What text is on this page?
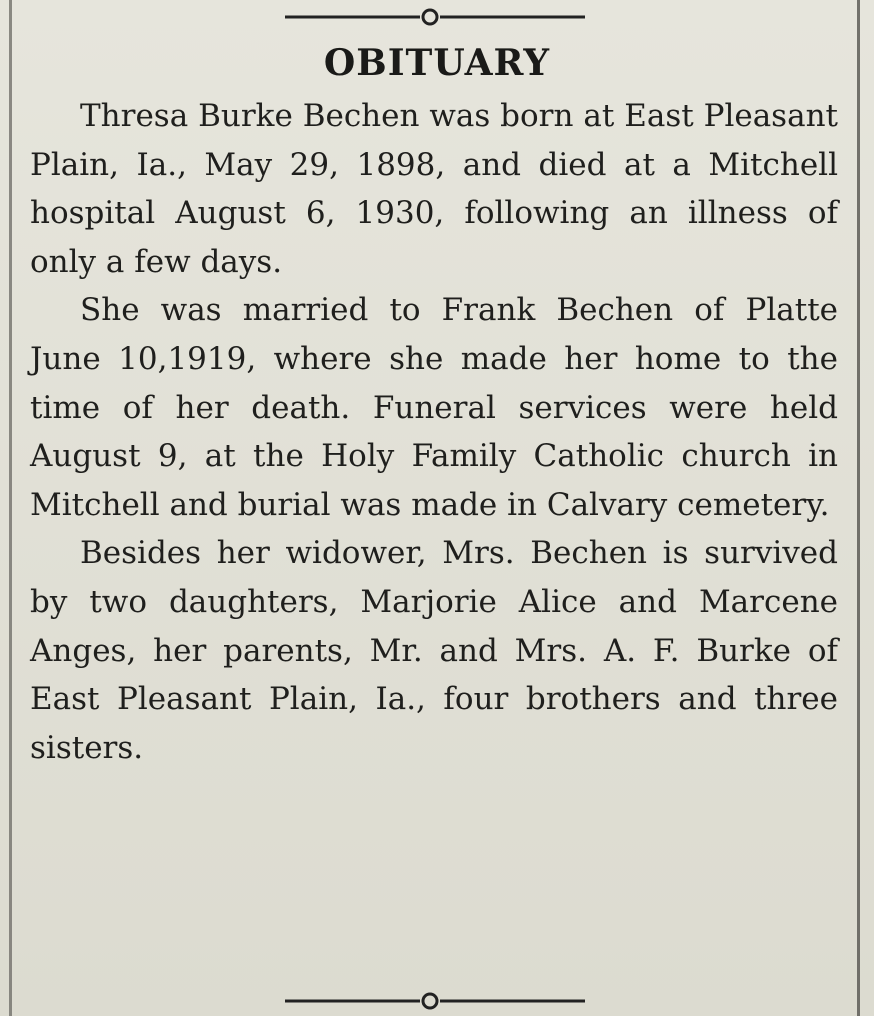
OBITUARY

Thresa Burke Bechen was born at East Pleasant Plain, Ia., May 29, 1898, and died at a Mitchell hospital August 6, 1930, following an illness of only a few days.

She was married to Frank Bechen of Platte June 10,1919, where she made her home to the time of her death. Funeral services were held August 9, at the Holy Family Catholic church in Mitchell and burial was made in Calvary cemetery.

Besides her widower, Mrs. Bechen is survived by two daughters, Marjorie Alice and Marcene Anges, her parents, Mr. and Mrs. A. F. Burke of East Pleasant Plain, Ia., four brothers and three sisters.
